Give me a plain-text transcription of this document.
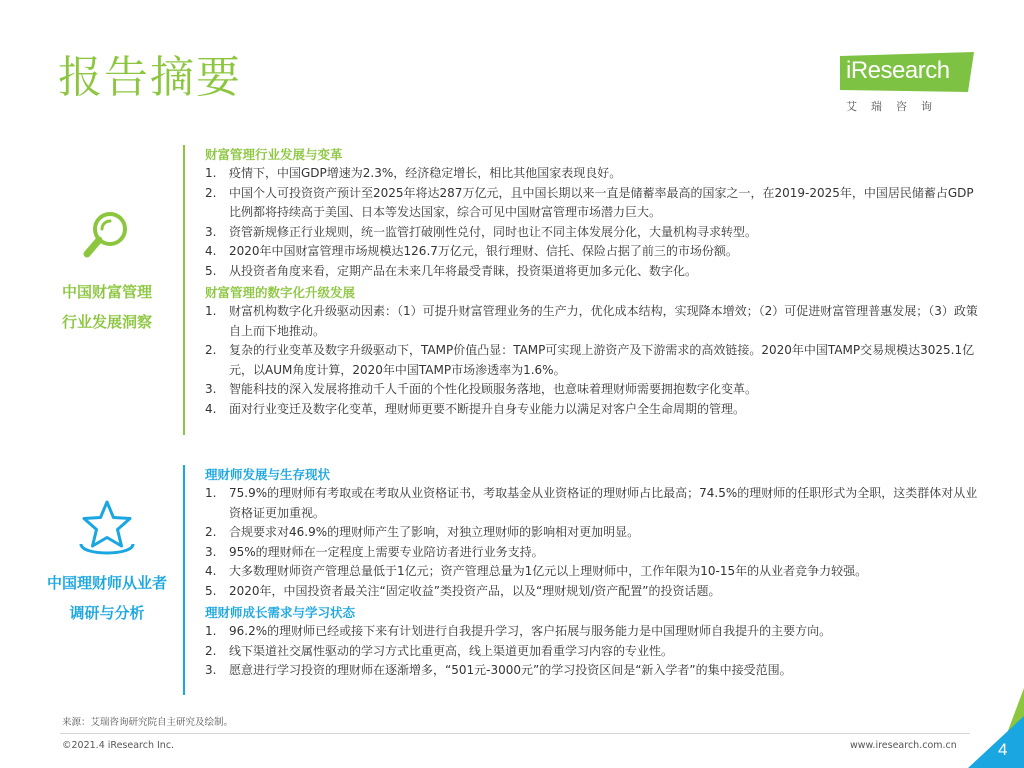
报告摘要	iResearch
艾瑞咨询
中国财富管理
行业发展洞察
中国理财师从业者
调研与分析
财富管理行业发展与变革
1.	疫情下，中国GDP增速为2.3%，经济稳定增长，相比其他国家表现良好。
2.	中国个人可投资资产预计至2025年将达287万亿元，且中国长期以来一直是储蓄率最高的国家之一，在2019-2025年，中国居民储蓄占GDP比例都将持续高于美国、日本等发达国家，综合可见中国财富管理市场潜力巨大。
3.	资管新规修正行业规则，统一监管打破刚性兑付，同时也让不同主体发展分化，大量机构寻求转型。
4.	2020年中国财富管理市场规模达126.7万亿元，银行理财、信托、保险占据了前三的市场份额。
5.	从投资者角度来看，定期产品在未来几年将最受青睐，投资渠道将更加多元化、数字化。
财富管理的数字化升级发展
1.	财富机构数字化升级驱动因素：（1）可提升财富管理业务的生产力，优化成本结构，实现降本增效；（2）可促进财富管理普惠发展；（3）政策自上而下地推动。
2.	复杂的行业变革及数字升级驱动下，TAMP价值凸显：TAMP可实现上游资产及下游需求的高效链接。2020年中国TAMP交易规模达3025.1亿元，以AUM角度计算，2020年中国TAMP市场渗透率为1.6%。
3.	智能科技的深入发展将推动千人千面的个性化投顾服务落地，也意味着理财师需要拥抱数字化变革。
4.	面对行业变迁及数字化变革，理财师更要不断提升自身专业能力以满足对客户全生命周期的管理。
理财师发展与生存现状
1.	75.9%的理财师有考取或在考取从业资格证书，考取基金从业资格证的理财师占比最高；74.5%的理财师的任职形式为全职，这类群体对从业资格证更加重视。
2.	合规要求对46.9%的理财师产生了影响，对独立理财师的影响相对更加明显。
3.	95%的理财师在一定程度上需要专业陪访者进行业务支持。
4.	大多数理财师资产管理总量低于1亿元；资产管理总量为1亿元以上理财师中，工作年限为10-15年的从业者竞争力较强。
5.	2020年，中国投资者最关注“固定收益”类投资产品，以及“理财规划/资产配置”的投资话题。
理财师成长需求与学习状态
1.	96.2%的理财师已经或接下来有计划进行自我提升学习，客户拓展与服务能力是中国理财师自我提升的主要方向。
2.	线下渠道社交属性驱动的学习方式比重更高，线上渠道更加看重学习内容的专业性。
3.	愿意进行学习投资的理财师在逐渐增多，“501元-3000元”的学习投资区间是“新入学者”的集中接受范围。
来源：艾瑞咨询研究院自主研究及绘制。
©2021.4 iResearch Inc.	www.iresearch.com.cn 4
